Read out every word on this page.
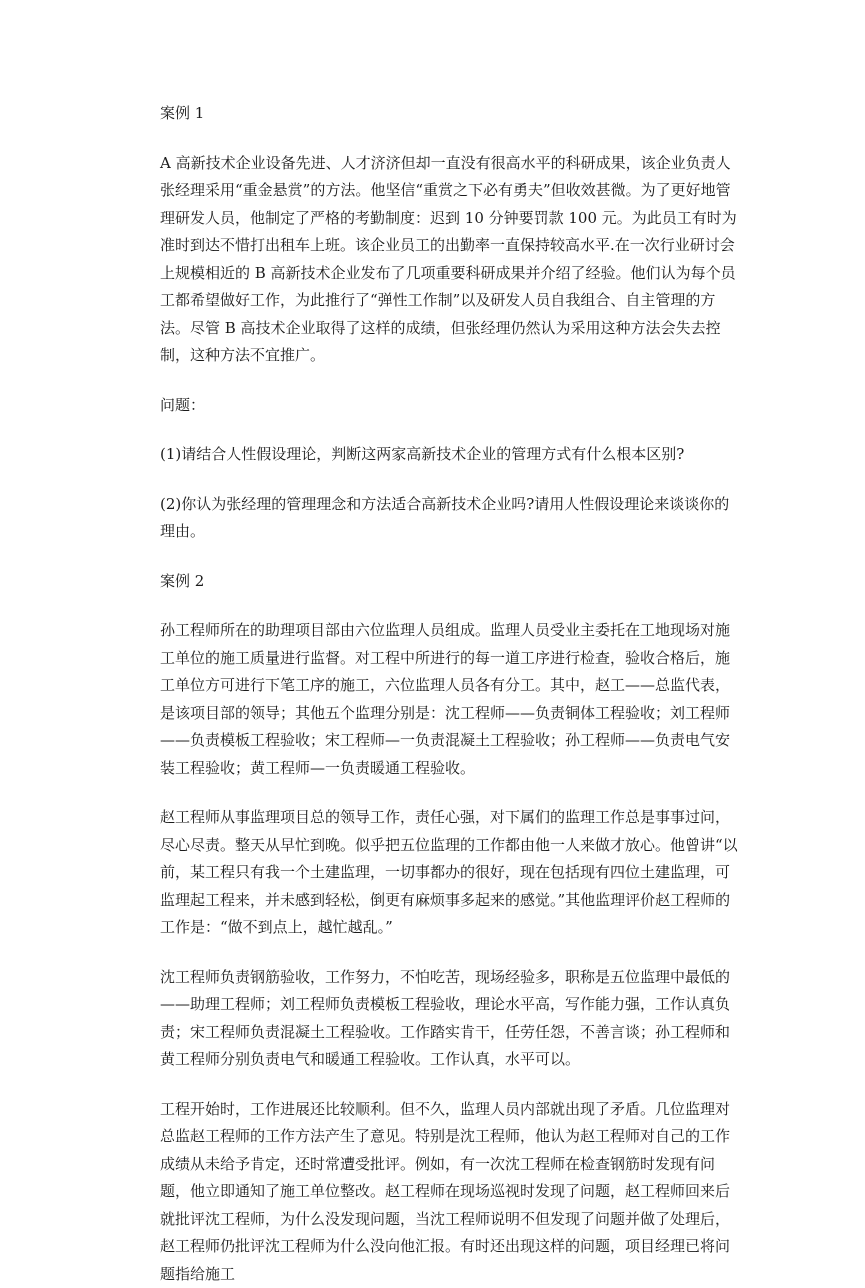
案例 1

A 高新技术企业设备先进、人才济济但却一直没有很高水平的科研成果，该企业负责人张经理采用“重金悬赏”的方法。他坚信“重赏之下必有勇夫”但收效甚微。为了更好地管理研发人员，他制定了严格的考勤制度：迟到 10 分钟要罚款 100 元。为此员工有时为准时到达不惜打出租车上班。该企业员工的出勤率一直保持较高水平.在一次行业研讨会上规模相近的 B 高新技术企业发布了几项重要科研成果并介绍了经验。他们认为每个员工都希望做好工作，为此推行了“弹性工作制”以及研发人员自我组合、自主管理的方法。尽管 B 高技术企业取得了这样的成绩，但张经理仍然认为采用这种方法会失去控制，这种方法不宜推广。

问题：

(1)请结合人性假设理论，判断这两家高新技术企业的管理方式有什么根本区别?

(2)你认为张经理的管理理念和方法适合高新技术企业吗?请用人性假设理论来谈谈你的理由。

案例 2

孙工程师所在的助理项目部由六位监理人员组成。监理人员受业主委托在工地现场对施工单位的施工质量进行监督。对工程中所进行的每一道工序进行检查，验收合格后，施工单位方可进行下笔工序的施工，六位监理人员各有分工。其中，赵工——总监代表，是该项目部的领导；其他五个监理分别是：沈工程师——负责铜体工程验收；刘工程师——负责模板工程验收；宋工程师—一负责混凝土工程验收；孙工程师——负责电气安装工程验收；黄工程师—一负责暖通工程验收。

赵工程师从事监理项目总的领导工作，责任心强，对下属们的监理工作总是事事过问，尽心尽责。整天从早忙到晚。似乎把五位监理的工作都由他一人来做才放心。他曾讲“以前，某工程只有我一个土建监理，一切事都办的很好，现在包括现有四位土建监理，可监理起工程来，并未感到轻松，倒更有麻烦事多起来的感觉。”其他监理评价赵工程师的工作是：“做不到点上，越忙越乱。”

沈工程师负责钢筋验收，工作努力，不怕吃苦，现场经验多，职称是五位监理中最低的——助理工程师；刘工程师负责模板工程验收，理论水平高，写作能力强，工作认真负责；宋工程师负责混凝土工程验收。工作踏实肯干，任劳任怨，不善言谈；孙工程师和黄工程师分别负责电气和暖通工程验收。工作认真，水平可以。

工程开始时，工作进展还比较顺利。但不久，监理人员内部就出现了矛盾。几位监理对总监赵工程师的工作方法产生了意见。特别是沈工程师，他认为赵工程师对自己的工作成绩从未给予肯定，还时常遭受批评。例如，有一次沈工程师在检查钢筋时发现有问题，他立即通知了施工单位整改。赵工程师在现场巡视时发现了问题，赵工程师回来后就批评沈工程师，为什么没发现问题，当沈工程师说明不但发现了问题并做了处理后，赵工程师仍批评沈工程师为什么没向他汇报。有时还出现这样的问题，项目经理已将问题指给施工
